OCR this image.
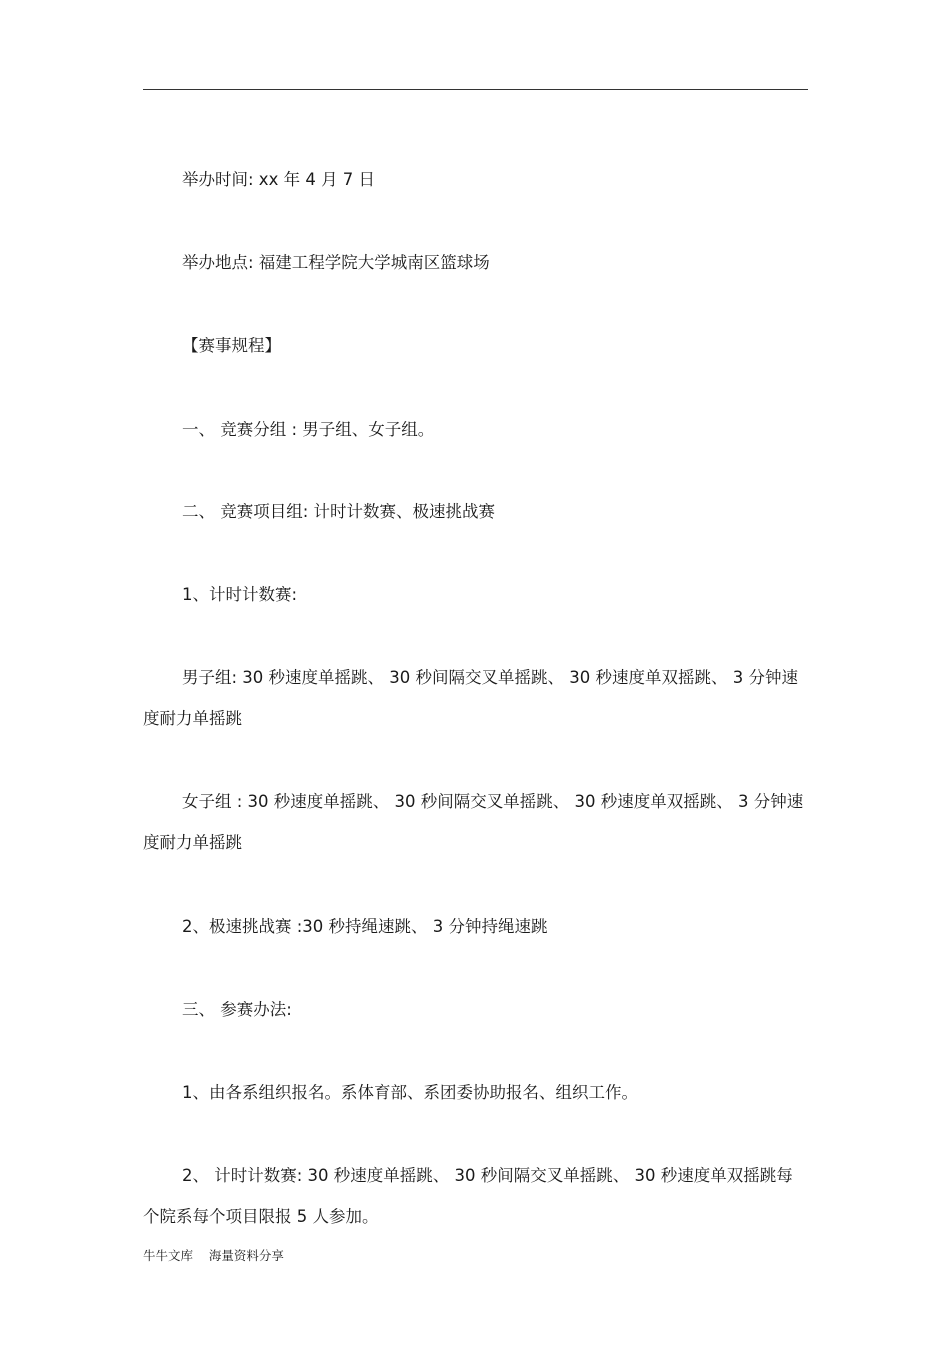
举办时间: xx 年 4 月 7 日

举办地点: 福建工程学院大学城南区篮球场

【赛事规程】

一、 竞赛分组 : 男子组、女子组。

二、 竞赛项目组: 计时计数赛、极速挑战赛

1、计时计数赛:

男子组: 30 秒速度单摇跳、 30 秒间隔交叉单摇跳、 30 秒速度单双摇跳、 3 分钟速度耐力单摇跳

女子组 : 30 秒速度单摇跳、 30 秒间隔交叉单摇跳、 30 秒速度单双摇跳、 3 分钟速度耐力单摇跳

2、极速挑战赛 :30 秒持绳速跳、 3 分钟持绳速跳

三、 参赛办法:

1、由各系组织报名。系体育部、系团委协助报名、组织工作。

2、 计时计数赛: 30 秒速度单摇跳、 30 秒间隔交叉单摇跳、 30 秒速度单双摇跳每个院系每个项目限报 5 人参加。

牛牛文库    海量资料分享
